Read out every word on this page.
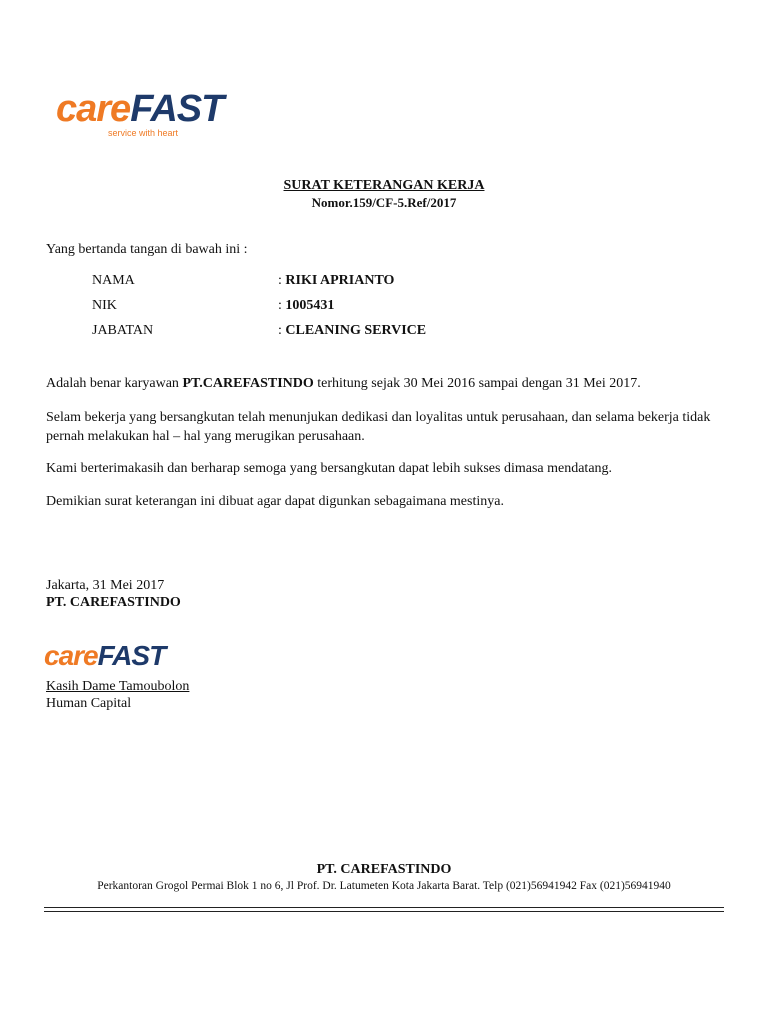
careFAST
service with heart
SURAT KETERANGAN KERJA
Nomor.159/CF-5.Ref/2017
Yang bertanda tangan di bawah ini :
NAMA	: RIKI APRIANTO
NIK	: 1005431
JABATAN	: CLEANING SERVICE
Adalah benar karyawan PT.CAREFASTINDO terhitung sejak 30 Mei 2016 sampai dengan 31 Mei 2017.
Selam bekerja yang bersangkutan telah menunjukan dedikasi dan loyalitas untuk perusahaan, dan selama bekerja tidak pernah melakukan hal – hal yang merugikan perusahaan.
Kami berterimakasih dan berharap semoga yang bersangkutan dapat lebih sukses dimasa mendatang.
Demikian surat keterangan ini dibuat agar dapat digunkan sebagaimana mestinya.
Jakarta, 31 Mei 2017
PT. CAREFASTINDO
careFAST
Kasih Dame Tamoubolon
Human Capital
PT. CAREFASTINDO
Perkantoran Grogol Permai Blok 1 no 6, Jl Prof. Dr. Latumeten Kota Jakarta Barat. Telp (021)56941942 Fax (021)56941940
